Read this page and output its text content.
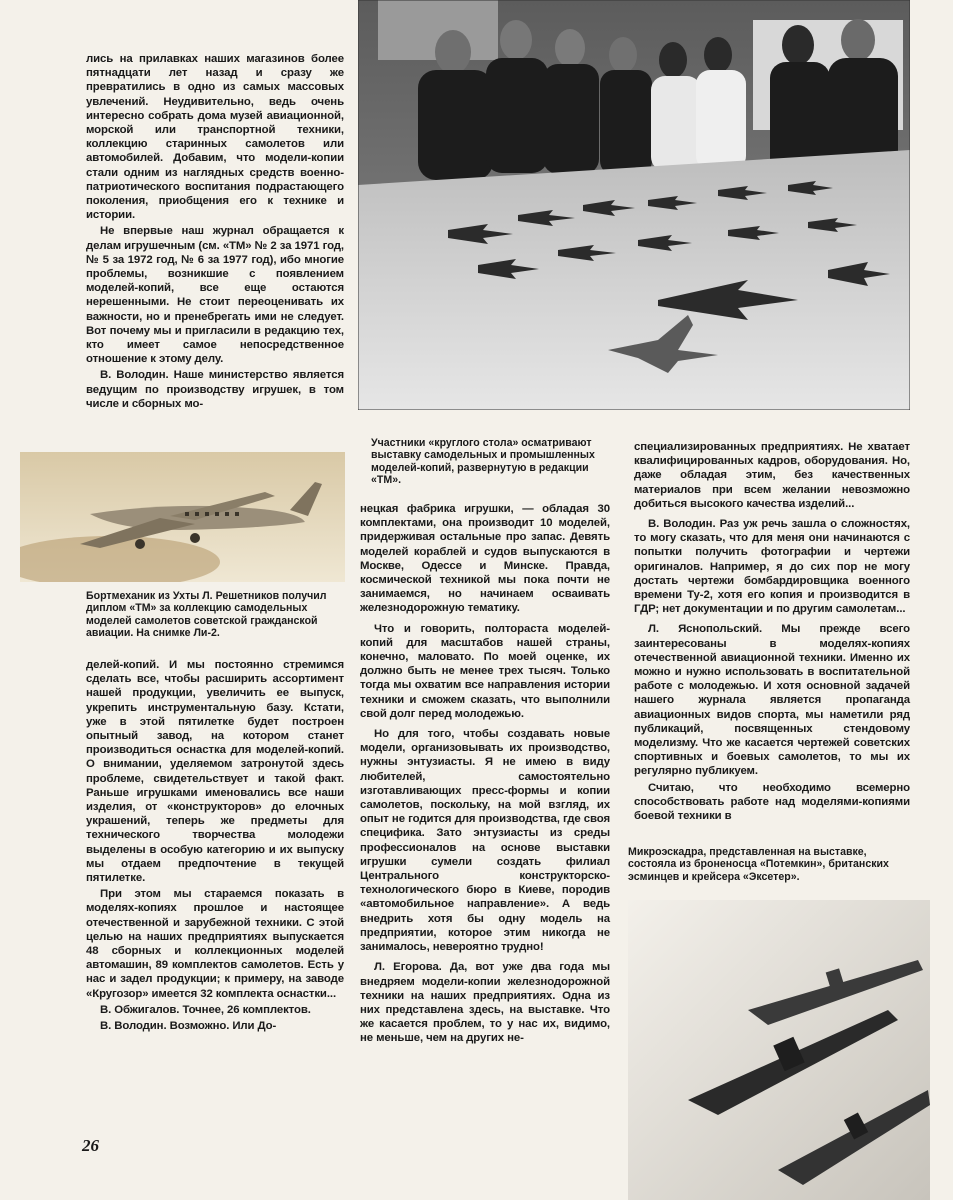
лись на прилавках наших магазинов более пятнадцати лет назад и сразу же превратились в одно из самых массовых увлечений. Неудивительно, ведь очень интересно собрать дома музей авиационной, морской или транспортной техники, коллекцию старинных самолетов или автомобилей. Добавим, что модели-копии стали одним из наглядных средств военно-патриотического воспитания подрастающего поколения, приобщения его к технике и истории.

Не впервые наш журнал обращается к делам игрушечным (см. «ТМ» № 2 за 1971 год, № 5 за 1972 год, № 6 за 1977 год), ибо многие проблемы, возникшие с появлением моделей-копий, все еще остаются нерешенными. Не стоит переоценивать их важности, но и пренебрегать ими не следует. Вот почему мы и пригласили в редакцию тех, кто имеет самое непосредственное отношение к этому делу.

В. Володин. Наше министерство является ведущим по производству игрушек, в том числе и сборных мо-

Бортмеханик из Ухты Л. Решетников получил диплом «ТМ» за коллекцию самодельных моделей самолетов советской гражданской авиации. На снимке Ли-2.

делей-копий. И мы постоянно стремимся сделать все, чтобы расширить ассортимент нашей продукции, увеличить ее выпуск, укрепить инструментальную базу. Кстати, уже в этой пятилетке будет построен опытный завод, на котором станет производиться оснастка для моделей-копий. О внимании, уделяемом затронутой здесь проблеме, свидетельствует и такой факт. Раньше игрушками именовались все наши изделия, от «конструкторов» до елочных украшений, теперь же предметы для технического творчества молодежи выделены в особую категорию и их выпуску мы отдаем предпочтение в текущей пятилетке.

При этом мы стараемся показать в моделях-копиях прошлое и настоящее отечественной и зарубежной техники. С этой целью на наших предприятиях выпускается 48 сборных и коллекционных моделей автомашин, 89 комплектов самолетов. Есть у нас и задел продукции; к примеру, на заводе «Кругозор» имеется 32 комплекта оснастки...

В. Обжигалов. Точнее, 26 комплектов.

В. Володин. Возможно. Или До-

Участники «круглого стола» осматривают выставку самодельных и промышленных моделей-копий, развернутую в редакции «ТМ».

нецкая фабрика игрушки, — обладая 30 комплектами, она производит 10 моделей, придерживая остальные про запас. Девять моделей кораблей и судов выпускаются в Москве, Одессе и Минске. Правда, космической техникой мы пока почти не занимаемся, но начинаем осваивать железнодорожную тематику.

Что и говорить, полтораста моделей-копий для масштабов нашей страны, конечно, маловато. По моей оценке, их должно быть не менее трех тысяч. Только тогда мы охватим все направления истории техники и сможем сказать, что выполнили свой долг перед молодежью.

Но для того, чтобы создавать новые модели, организовывать их производство, нужны энтузиасты. Я не имею в виду любителей, самостоятельно изготавливающих пресс-формы и копии самолетов, поскольку, на мой взгляд, их опыт не годится для производства, где своя специфика. Зато энтузиасты из среды профессионалов на основе выставки игрушки сумели создать филиал Центрального конструкторско-технологического бюро в Киеве, породив «автомобильное направление». А ведь внедрить хотя бы одну модель на предприятии, которое этим никогда не занималось, невероятно трудно!

Л. Егорова. Да, вот уже два года мы внедряем модели-копии железнодорожной техники на наших предприятиях. Одна из них представлена здесь, на выставке. Что же касается проблем, то у нас их, видимо, не меньше, чем на других не-

специализированных предприятиях. Не хватает квалифицированных кадров, оборудования. Но, даже обладая этим, без качественных материалов при всем желании невозможно добиться высокого качества изделий...

В. Володин. Раз уж речь зашла о сложностях, то могу сказать, что для меня они начинаются с попытки получить фотографии и чертежи оригиналов. Например, я до сих пор не могу достать чертежи бомбардировщика военного времени Ту-2, хотя его копия и производится в ГДР; нет документации и по другим самолетам...

Л. Яснопольский. Мы прежде всего заинтересованы в моделях-копиях отечественной авиационной техники. Именно их можно и нужно использовать в воспитательной работе с молодежью. И хотя основной задачей нашего журнала является пропаганда авиационных видов спорта, мы наметили ряд публикаций, посвященных стендовому моделизму. Что же касается чертежей советских спортивных и боевых самолетов, то мы их регулярно публикуем.

Считаю, что необходимо всемерно способствовать работе над моделями-копиями боевой техники в

Микроэскадра, представленная на выставке, состояла из броненосца «Потемкин», британских эсминцев и крейсера «Эксетер».
26
